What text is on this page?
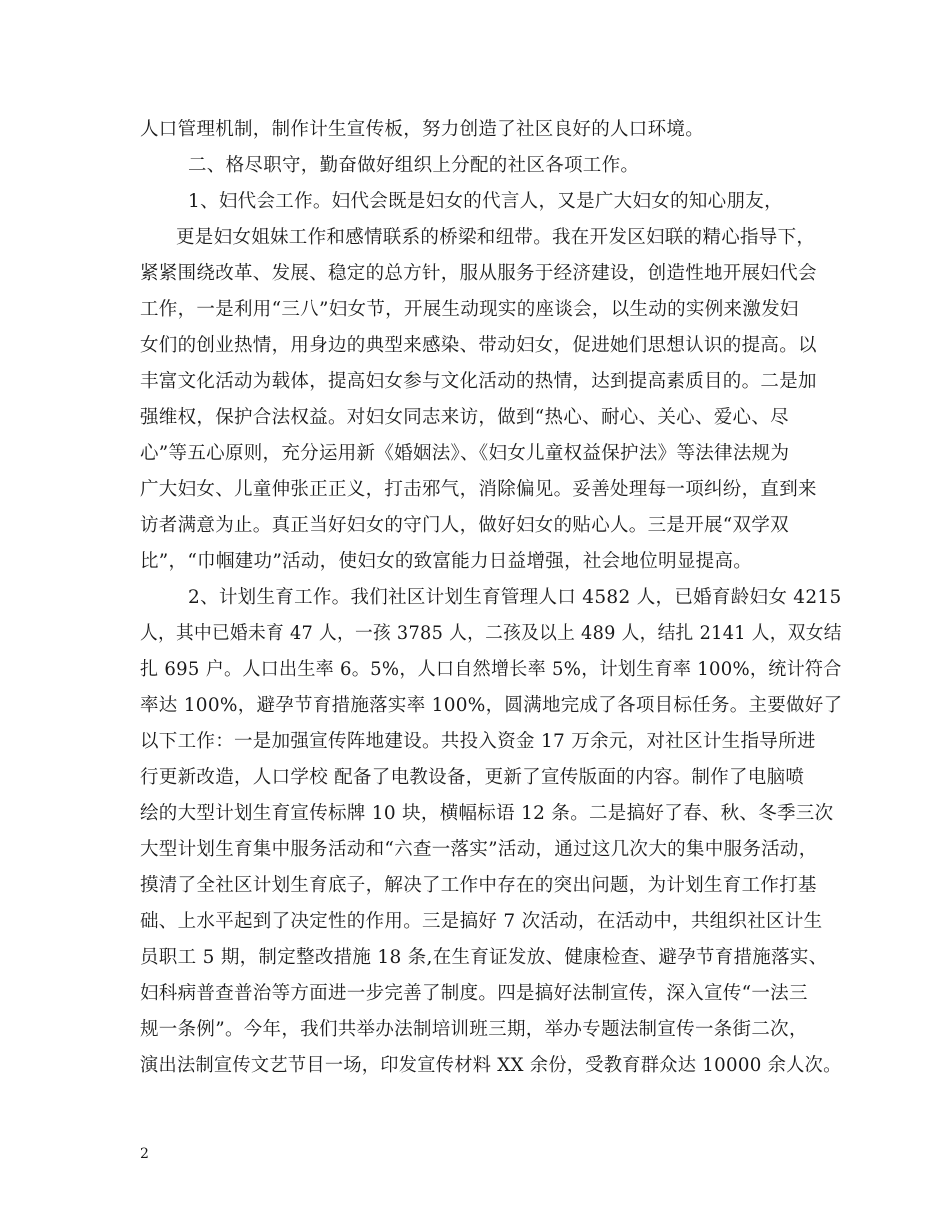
人口管理机制，制作计生宣传板，努力创造了社区良好的人口环境。
二、格尽职守，勤奋做好组织上分配的社区各项工作。
1、妇代会工作。妇代会既是妇女的代言人，又是广大妇女的知心朋友，
更是妇女姐妹工作和感情联系的桥梁和纽带。我在开发区妇联的精心指导下，
紧紧围绕改革、发展、稳定的总方针，服从服务于经济建设，创造性地开展妇代会
工作，一是利用“三八”妇女节，开展生动现实的座谈会，以生动的实例来激发妇
女们的创业热情，用身边的典型来感染、带动妇女，促进她们思想认识的提高。以
丰富文化活动为载体，提高妇女参与文化活动的热情，达到提高素质目的。二是加
强维权，保护合法权益。对妇女同志来访，做到“热心、耐心、关心、爱心、尽
心”等五心原则，充分运用新《婚姻法》、《妇女儿童权益保护法》等法律法规为
广大妇女、儿童伸张正正义，打击邪气，消除偏见。妥善处理每一项纠纷，直到来
访者满意为止。真正当好妇女的守门人，做好妇女的贴心人。三是开展“双学双
比”，“巾帼建功”活动，使妇女的致富能力日益增强，社会地位明显提高。
2、计划生育工作。我们社区计划生育管理人口 4582 人，已婚育龄妇女 4215
人，其中已婚未育 47 人，一孩 3785 人，二孩及以上 489 人，结扎 2141 人，双女结
扎 695 户。人口出生率 6。5%，人口自然增长率 5%，计划生育率 100%，统计符合
率达 100%，避孕节育措施落实率 100%，圆满地完成了各项目标任务。主要做好了
以下工作：一是加强宣传阵地建设。共投入资金 17 万余元，对社区计生指导所进
行更新改造，人口学校 配备了电教设备，更新了宣传版面的内容。制作了电脑喷
绘的大型计划生育宣传标牌 10 块，横幅标语 12 条。二是搞好了春、秋、冬季三次
大型计划生育集中服务活动和“六查一落实”活动，通过这几次大的集中服务活动，
摸清了全社区计划生育底子，解决了工作中存在的突出问题，为计划生育工作打基
础、上水平起到了决定性的作用。三是搞好 7 次活动，在活动中，共组织社区计生
员职工 5 期，制定整改措施 18 条,在生育证发放、健康检查、避孕节育措施落实、
妇科病普查普治等方面进一步完善了制度。四是搞好法制宣传，深入宣传“一法三
规一条例”。今年，我们共举办法制培训班三期，举办专题法制宣传一条街二次，
演出法制宣传文艺节目一场，印发宣传材料 XX 余份，受教育群众达 10000 余人次。
2
